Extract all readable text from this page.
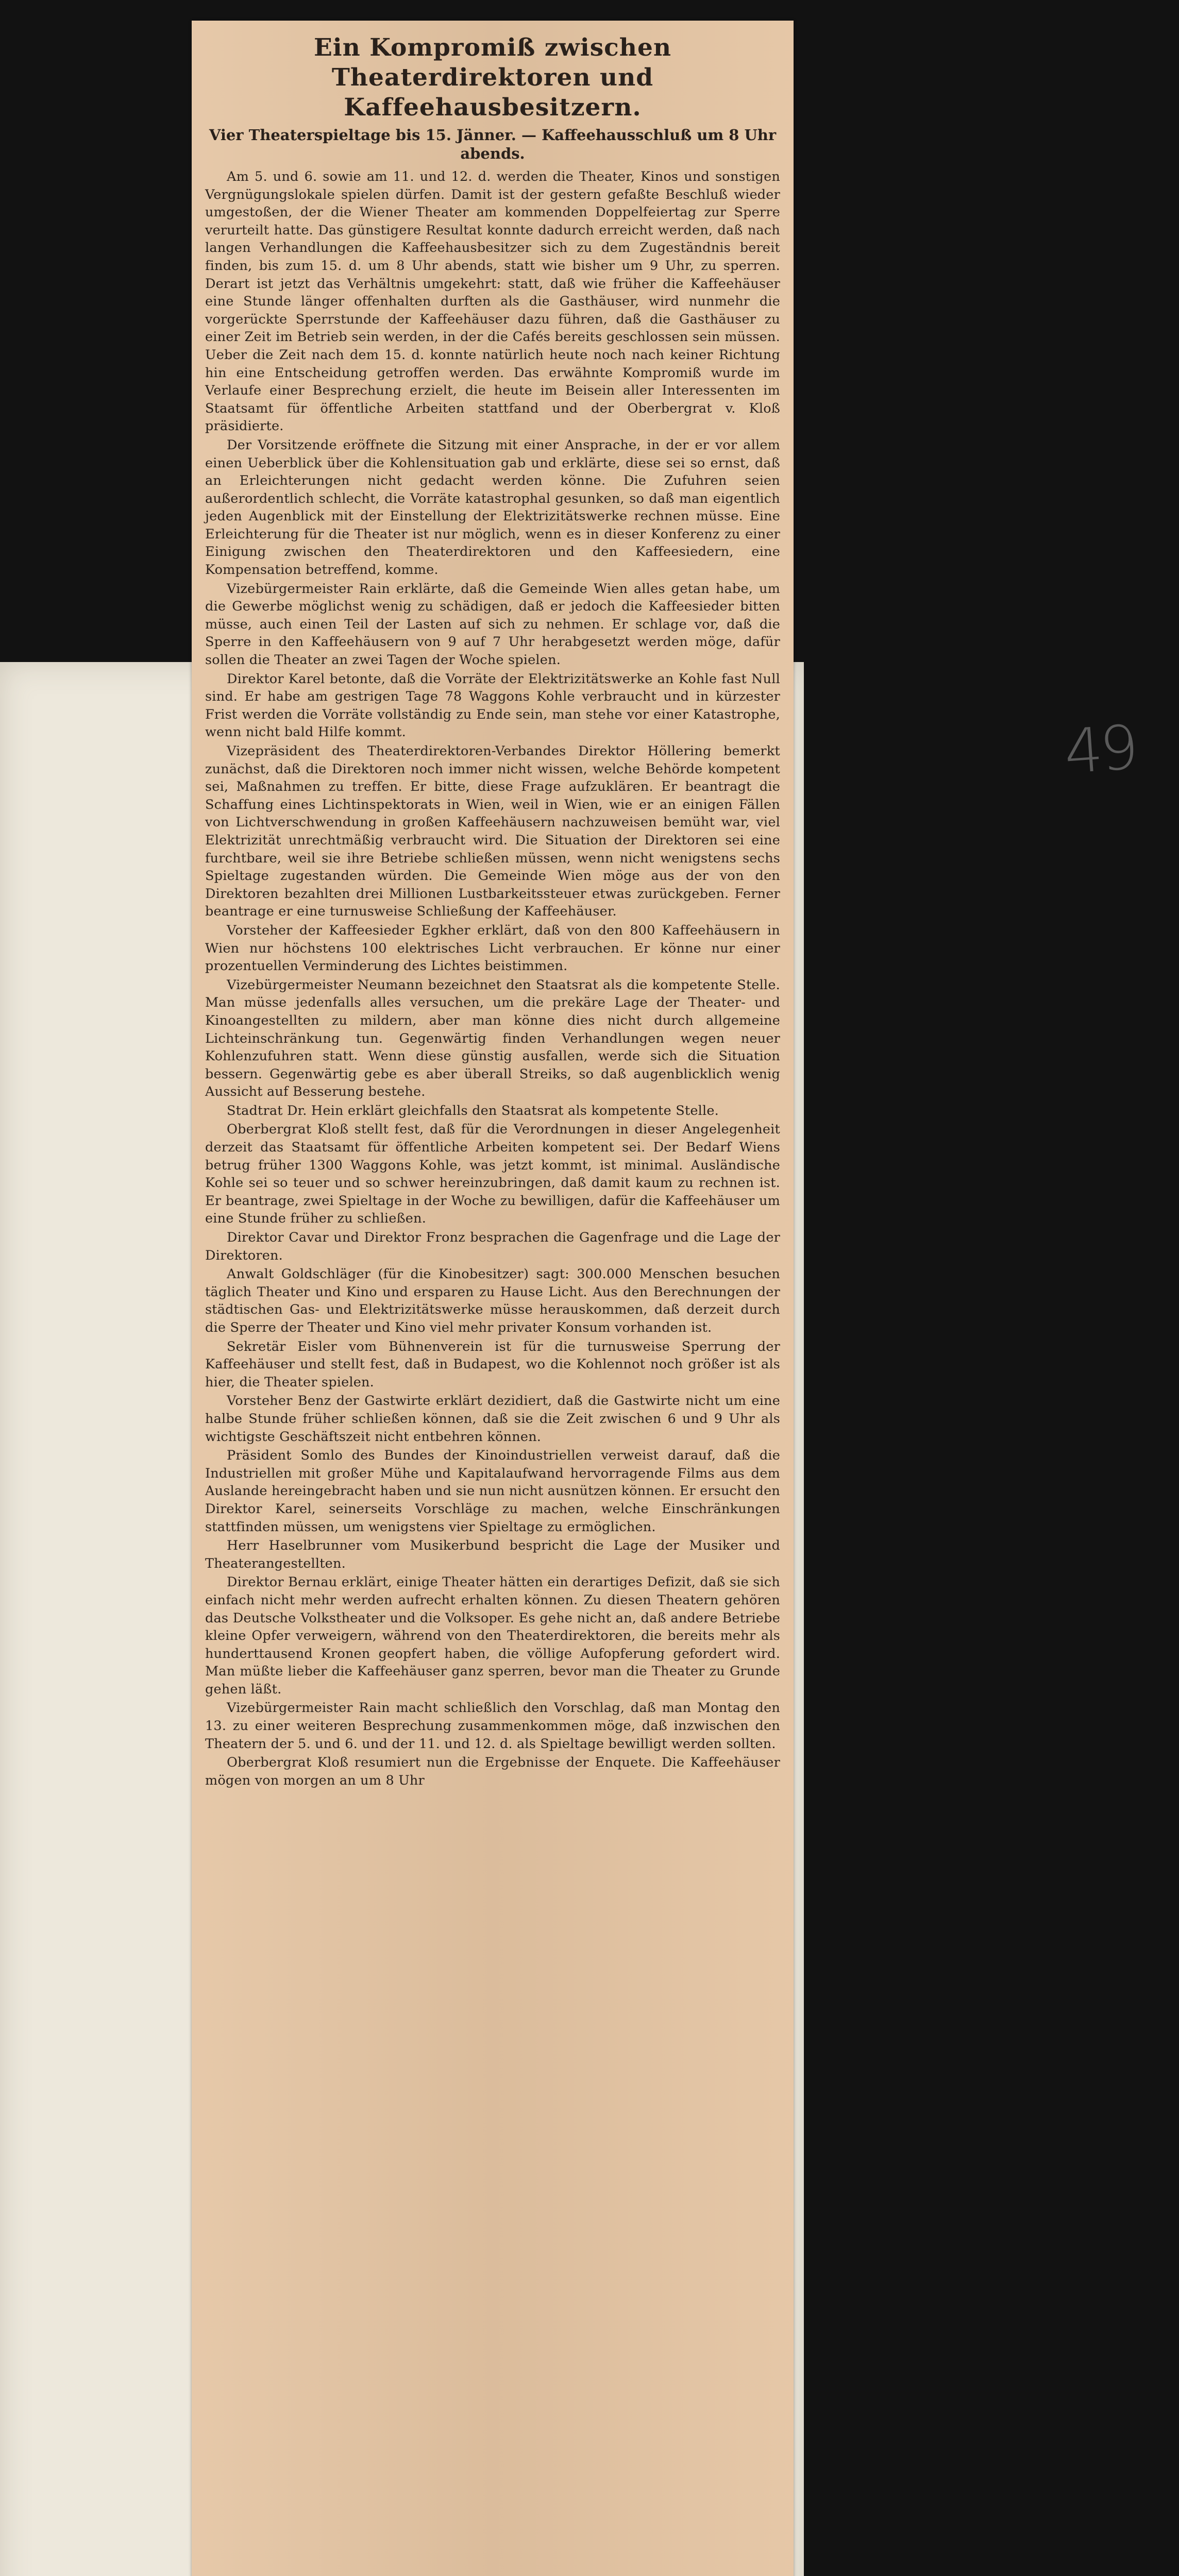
49
Ein Kompromiß zwischen Theaterdirektoren und Kaffeehausbesitzern.
Vier Theaterspieltage bis 15. Jänner. — Kaffeehausschluß um 8 Uhr abends.

Am 5. und 6. sowie am 11. und 12. d. werden die Theater, Kinos und sonstigen Vergnügungslokale spielen dürfen. Damit ist der gestern gefaßte Beschluß wieder umgestoßen, der die Wiener Theater am kommenden Doppelfeiertag zur Sperre verurteilt hatte. Das günstigere Resultat konnte dadurch erreicht werden, daß nach langen Verhandlungen die Kaffeehausbesitzer sich zu dem Zugeständnis bereit finden, bis zum 15. d. um 8 Uhr abends, statt wie bisher um 9 Uhr, zu sperren. Derart ist jetzt das Verhältnis umgekehrt: statt, daß wie früher die Kaffeehäuser eine Stunde länger offenhalten durften als die Gasthäuser, wird nunmehr die vorgerückte Sperrstunde der Kaffeehäuser dazu führen, daß die Gasthäuser zu einer Zeit im Betrieb sein werden, in der die Cafés bereits geschlossen sein müssen. Ueber die Zeit nach dem 15. d. konnte natürlich heute noch nach keiner Richtung hin eine Entscheidung getroffen werden. Das erwähnte Kompromiß wurde im Verlaufe einer Besprechung erzielt, die heute im Beisein aller Interessenten im Staatsamt für öffentliche Arbeiten stattfand und der Oberbergrat v. Kloß präsidierte.

Der Vorsitzende eröffnete die Sitzung mit einer Ansprache, in der er vor allem einen Ueberblick über die Kohlensituation gab und erklärte, diese sei so ernst, daß an Erleichterungen nicht gedacht werden könne. Die Zufuhren seien außerordentlich schlecht, die Vorräte katastrophal gesunken, so daß man eigentlich jeden Augenblick mit der Einstellung der Elektrizitätswerke rechnen müsse. Eine Erleichterung für die Theater ist nur möglich, wenn es in dieser Konferenz zu einer Einigung zwischen den Theaterdirektoren und den Kaffeesiedern, eine Kompensation betreffend, komme.

Vizebürgermeister Rain erklärte, daß die Gemeinde Wien alles getan habe, um die Gewerbe möglichst wenig zu schädigen, daß er jedoch die Kaffeesieder bitten müsse, auch einen Teil der Lasten auf sich zu nehmen. Er schlage vor, daß die Sperre in den Kaffeehäusern von 9 auf 7 Uhr herabgesetzt werden möge, dafür sollen die Theater an zwei Tagen der Woche spielen.

Direktor Karel betonte, daß die Vorräte der Elektrizitätswerke an Kohle fast Null sind. Er habe am gestrigen Tage 78 Waggons Kohle verbraucht und in kürzester Frist werden die Vorräte vollständig zu Ende sein, man stehe vor einer Katastrophe, wenn nicht bald Hilfe kommt.

Vizepräsident des Theaterdirektoren-Verbandes Direktor Höllering bemerkt zunächst, daß die Direktoren noch immer nicht wissen, welche Behörde kompetent sei, Maßnahmen zu treffen. Er bitte, diese Frage aufzuklären. Er beantragt die Schaffung eines Lichtinspektorats in Wien, weil in Wien, wie er an einigen Fällen von Lichtverschwendung in großen Kaffeehäusern nachzuweisen bemüht war, viel Elektrizität unrechtmäßig verbraucht wird. Die Situation der Direktoren sei eine furchtbare, weil sie ihre Betriebe schließen müssen, wenn nicht wenigstens sechs Spieltage zugestanden würden. Die Gemeinde Wien möge aus der von den Direktoren bezahlten drei Millionen Lustbarkeitssteuer etwas zurückgeben. Ferner beantrage er eine turnusweise Schließung der Kaffeehäuser.

Vorsteher der Kaffeesieder Egkher erklärt, daß von den 800 Kaffeehäusern in Wien nur höchstens 100 elektrisches Licht verbrauchen. Er könne nur einer prozentuellen Verminderung des Lichtes beistimmen.

Vizebürgermeister Neumann bezeichnet den Staatsrat als die kompetente Stelle. Man müsse jedenfalls alles versuchen, um die prekäre Lage der Theater- und Kinoangestellten zu mildern, aber man könne dies nicht durch allgemeine Lichteinschränkung tun. Gegenwärtig finden Verhandlungen wegen neuer Kohlenzufuhren statt. Wenn diese günstig ausfallen, werde sich die Situation bessern. Gegenwärtig gebe es aber überall Streiks, so daß augenblicklich wenig Aussicht auf Besserung bestehe.

Stadtrat Dr. Hein erklärt gleichfalls den Staatsrat als kompetente Stelle.

Oberbergrat Kloß stellt fest, daß für die Verordnungen in dieser Angelegenheit derzeit das Staatsamt für öffentliche Arbeiten kompetent sei. Der Bedarf Wiens betrug früher 1300 Waggons Kohle, was jetzt kommt, ist minimal. Ausländische Kohle sei so teuer und so schwer hereinzubringen, daß damit kaum zu rechnen ist. Er beantrage, zwei Spieltage in der Woche zu bewilligen, dafür die Kaffeehäuser um eine Stunde früher zu schließen.

Direktor Cavar und Direktor Fronz besprachen die Gagenfrage und die Lage der Direktoren.

Anwalt Goldschläger (für die Kinobesitzer) sagt: 300.000 Menschen besuchen täglich Theater und Kino und ersparen zu Hause Licht. Aus den Berechnungen der städtischen Gas- und Elektrizitätswerke müsse herauskommen, daß derzeit durch die Sperre der Theater und Kino viel mehr privater Konsum vorhanden ist.

Sekretär Eisler vom Bühnenverein ist für die turnusweise Sperrung der Kaffeehäuser und stellt fest, daß in Budapest, wo die Kohlennot noch größer ist als hier, die Theater spielen.

Vorsteher Benz der Gastwirte erklärt dezidiert, daß die Gastwirte nicht um eine halbe Stunde früher schließen können, daß sie die Zeit zwischen 6 und 9 Uhr als wichtigste Geschäftszeit nicht entbehren können.

Präsident Somlo des Bundes der Kinoindustriellen verweist darauf, daß die Industriellen mit großer Mühe und Kapitalaufwand hervorragende Films aus dem Auslande hereingebracht haben und sie nun nicht ausnützen können. Er ersucht den Direktor Karel, seinerseits Vorschläge zu machen, welche Einschränkungen stattfinden müssen, um wenigstens vier Spieltage zu ermöglichen.

Herr Haselbrunner vom Musikerbund bespricht die Lage der Musiker und Theaterangestellten.

Direktor Bernau erklärt, einige Theater hätten ein derartiges Defizit, daß sie sich einfach nicht mehr werden aufrecht erhalten können. Zu diesen Theatern gehören das Deutsche Volkstheater und die Volksoper. Es gehe nicht an, daß andere Betriebe kleine Opfer verweigern, während von den Theaterdirektoren, die bereits mehr als hunderttausend Kronen geopfert haben, die völlige Aufopferung gefordert wird. Man müßte lieber die Kaffeehäuser ganz sperren, bevor man die Theater zu Grunde gehen läßt.

Vizebürgermeister Rain macht schließlich den Vorschlag, daß man Montag den 13. zu einer weiteren Besprechung zusammenkommen möge, daß inzwischen den Theatern der 5. und 6. und der 11. und 12. d. als Spieltage bewilligt werden sollten.

Oberbergrat Kloß resumiert nun die Ergebnisse der Enquete. Die Kaffeehäuser mögen von morgen an um 8 Uhr
